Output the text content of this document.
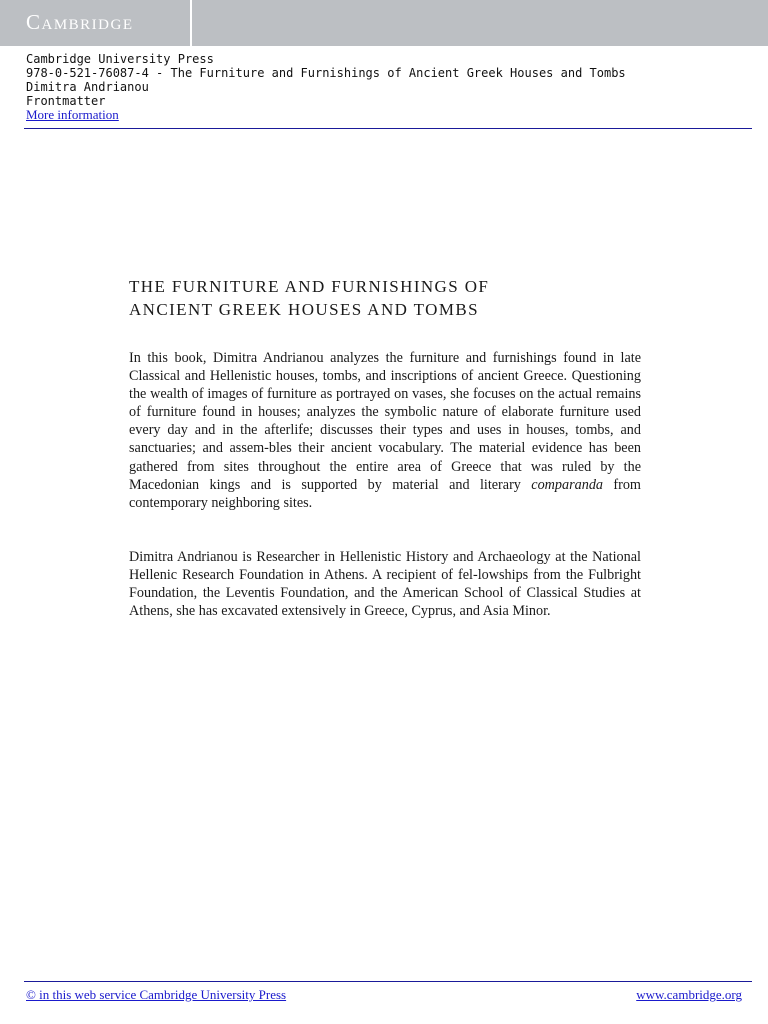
Cambridge
Cambridge University Press
978-0-521-76087-4 - The Furniture and Furnishings of Ancient Greek Houses and Tombs
Dimitra Andrianou
Frontmatter
More information
THE FURNITURE AND FURNISHINGS OF
ANCIENT GREEK HOUSES AND TOMBS
In this book, Dimitra Andrianou analyzes the furniture and furnishings found in late Classical and Hellenistic houses, tombs, and inscriptions of ancient Greece. Questioning the wealth of images of furniture as portrayed on vases, she focuses on the actual remains of furniture found in houses; analyzes the symbolic nature of elaborate furniture used every day and in the afterlife; discusses their types and uses in houses, tombs, and sanctuaries; and assem-bles their ancient vocabulary. The material evidence has been gathered from sites throughout the entire area of Greece that was ruled by the Macedonian kings and is supported by material and literary comparanda from contemporary neighboring sites.
Dimitra Andrianou is Researcher in Hellenistic History and Archaeology at the National Hellenic Research Foundation in Athens. A recipient of fel-lowships from the Fulbright Foundation, the Leventis Foundation, and the American School of Classical Studies at Athens, she has excavated extensively in Greece, Cyprus, and Asia Minor.
© in this web service Cambridge University Press	www.cambridge.org
